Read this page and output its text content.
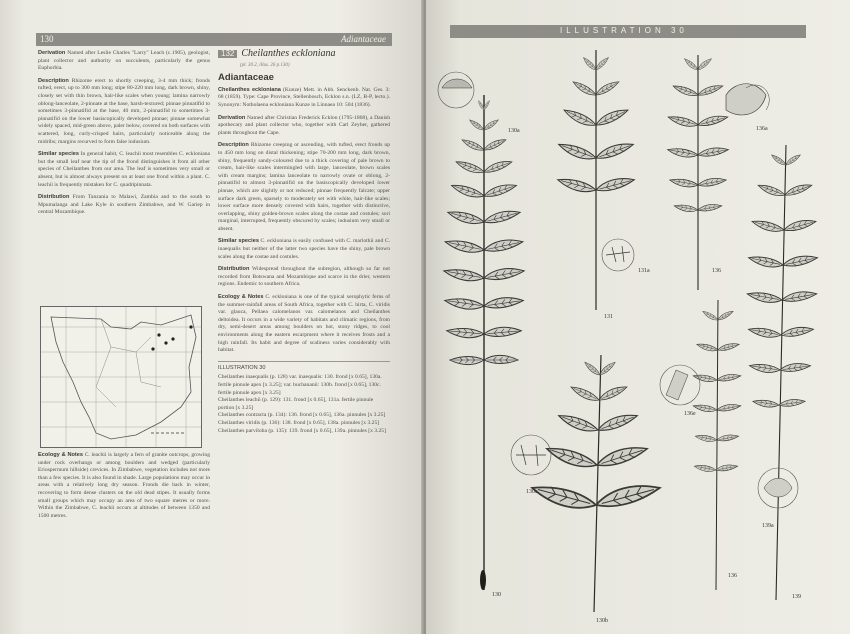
130	Adiantaceae

Derivation Named after Leslie Charles "Larry" Leach (c.1905), geologist, plant collector and authority on succulents, particularly the genus Euphorbia.

Description Rhizome erect to shortly creeping, 3-4 mm thick; fronds tufted, erect, up to 300 mm long; stipe 80-220 mm long, dark brown, shiny, closely set with thin brown, hair-like scales when young; lamina narrowly oblong-lanceolate, 2-pinnate at the base, harsh-textured; pinnae pinnatifid to sometimes 3-pinnatifid at the base, 40 mm, 2-pinnatifid to sometimes 3-pinnatifid on the lower basiscopically developed pinnae; pinnae somewhat widely spaced, mid-green above, paler below, covered on both surfaces with scattered, long, curly-crisped hairs, particularly noticeable along the midribs; margins recurved to form false indusium.

Similar species In general habit, C. leachii most resembles C. eckloniana but the small leaf near the tip of the frond distinguishes it from all other species of Cheilanthes from our area. The leaf is sometimes very small or absent, but is almost always present on at least one frond within a plant. C. leachii is frequently mistaken for C. quadripinnata.

Distribution From Tanzania to Malawi, Zambia and to the south to Mpumalanga and Lake Kyle in southern Zimbabwe, and W. Gariep in central Mozambique.

Ecology & Notes C. leachii is largely a fern of granite outcrops, growing under rock overhangs or among boulders and wedged (particularly Eriospermum hillside) crevices. In Zimbabwe, vegetation includes not more than a few species. It is also found in shade. Large populations may occur in areas with a relatively long dry season. Fronds die back in winter, recovering to form dense clusters on the old dead stipes. It usually forms small groups which may occupy an area of two square metres or more. Within the Zimbabwe, C. leachii occurs at altitudes of between 1350 and 1500 metres.

132 Cheilanthes eckloniana
(pl. 30.2, illus. 26 p.130)
Adiantaceae

Cheilanthes eckloniana (Kunze) Mett. in Abh. Senckenb. Nat. Ges. 3: 68 (1859). Type: Cape Province, Stellenbosch, Ecklon s.n. (LZ, B-P, lecto.). Synonym: Notholaena eckloniana Kunze in Linnaea 10: 504 (1836).

Derivation Named after Christian Frederick Ecklon (1795-1868), a Danish apothecary and plant collector who, together with Carl Zeyher, gathered plants throughout the Cape.

Description Rhizome creeping or ascending, with tufted, erect fronds up to 450 mm long on distal thickening; stipe 70-200 mm long, dark brown, shiny, frequently sandy-coloured due to a thick covering of pale brown to cream, hair-like scales intermingled with large, lanceolate, brown scales with cream margins; lamina lanceolate to narrowly ovate or oblong, 2-pinnatifid to almost 3-pinnatifid on the basiscopically developed lower pinnae, which are slightly or not reduced; pinnae frequently falcate; upper surface dark green, sparsely to moderately set with white, hair-like scales; lower surface more densely covered with hairs, together with distinctive, overlapping, shiny golden-brown scales along the costae and costules; sori marginal, interrupted, frequently obscured by scales; indusium very small or absent.

Similar species C. eckloniana is easily confused with C. marlothii and C. inaequalis but neither of the latter two species have the shiny, pale brown scales along the costae and costules.

Distribution Widespread throughout the subregion, although so far not recorded from Botswana and Mozambique and scarce in the drier, western regions. Endemic to southern Africa.

Ecology & Notes C. eckloniana is one of the typical xerophytic ferns of the summer-rainfall areas of South Africa, together with C. hirta, C. viridis var. glauca, Pellaea calomelanos var. calomelanos and Cheilanthes deltoidea. It occurs in a wide variety of habitats and climatic regions, from dry, semi-desert areas among boulders on hot, stony ridges, to cool environments along the eastern escarpment where it receives frosts and a high rainfall. Its habit and degree of scaliness varies considerably with habitat.

ILLUSTRATION 30
Cheilanthes inaequalis (p. 128) var. inaequalis: 130. frond [x 0.65], 130a. fertile pinnule apex [x 3.25]; var. buchananii: 130b. frond [x 0.65], 130c. fertile pinnule apex [x 3.25]
Cheilanthes leachii (p. 129): 131. frond [x 0.65], 131a. fertile pinnule portion [x 3.25]
Cheilanthes contracta (p. 134): 136. frond [x 0.65], 136a. pinnules [x 3.25]
Cheilanthes viridis (p. 136): 138. frond [x 0.65], 138a. pinnules [x 3.25]
Cheilanthes parviloba (p. 135): 139. frond [x 0.65], 139a. pinnules [x 3.25]
ILLUSTRATION 30
130a
130
131
131a
136a
136
130c
130b
136e
136
139a
139
